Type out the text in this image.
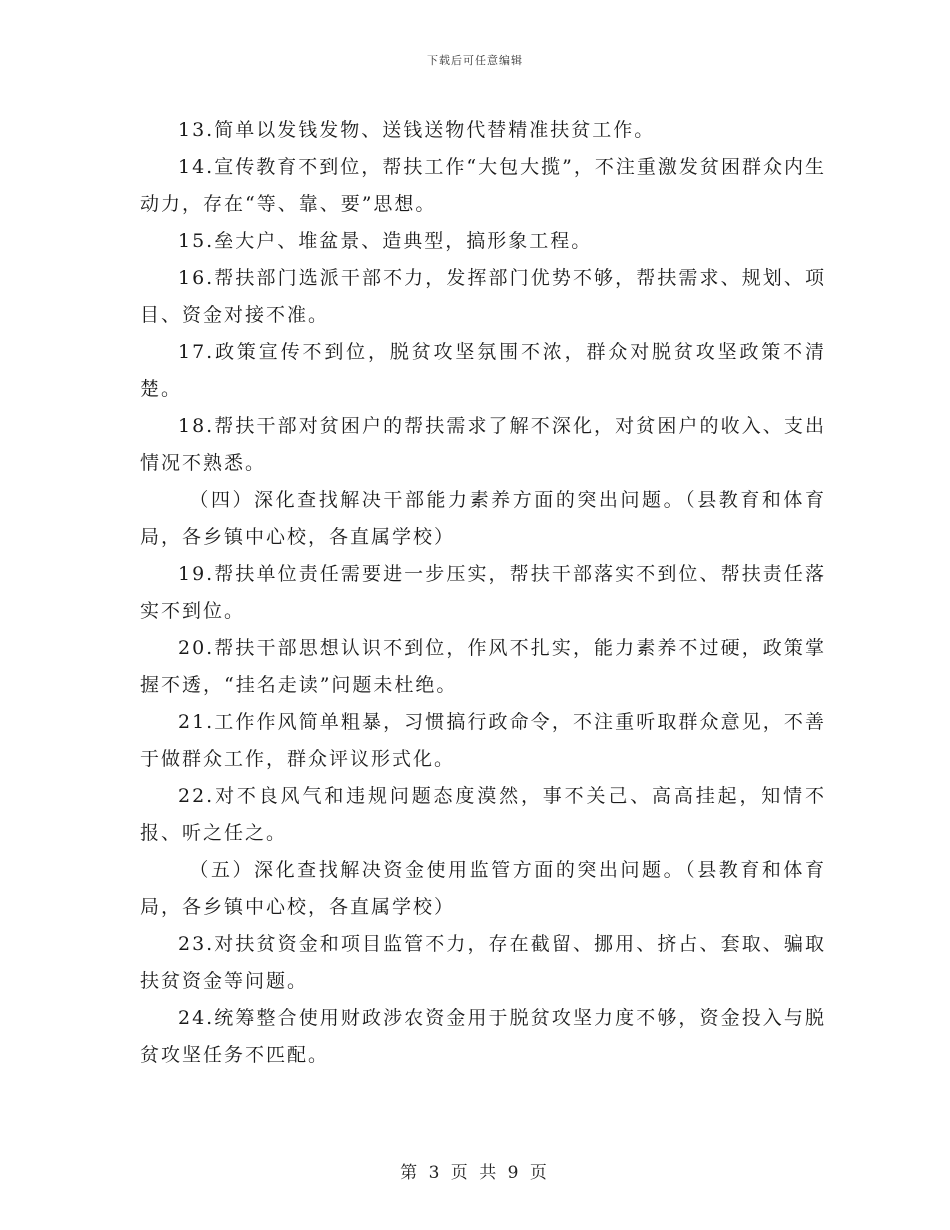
下载后可任意编辑

13.简单以发钱发物、送钱送物代替精准扶贫工作。

14.宣传教育不到位，帮扶工作“大包大揽”，不注重激发贫困群众内生动力，存在“等、靠、要”思想。

15.垒大户、堆盆景、造典型，搞形象工程。

16.帮扶部门选派干部不力，发挥部门优势不够，帮扶需求、规划、项目、资金对接不准。

17.政策宣传不到位，脱贫攻坚氛围不浓，群众对脱贫攻坚政策不清楚。

18.帮扶干部对贫困户的帮扶需求了解不深化，对贫困户的收入、支出情况不熟悉。

（四）深化查找解决干部能力素养方面的突出问题。（县教育和体育局，各乡镇中心校，各直属学校）

19.帮扶单位责任需要进一步压实，帮扶干部落实不到位、帮扶责任落实不到位。

20.帮扶干部思想认识不到位，作风不扎实，能力素养不过硬，政策掌握不透，“挂名走读”问题未杜绝。

21.工作作风简单粗暴，习惯搞行政命令，不注重听取群众意见，不善于做群众工作，群众评议形式化。

22.对不良风气和违规问题态度漠然，事不关己、高高挂起，知情不报、听之任之。

（五）深化查找解决资金使用监管方面的突出问题。（县教育和体育局，各乡镇中心校，各直属学校）

23.对扶贫资金和项目监管不力，存在截留、挪用、挤占、套取、骗取扶贫资金等问题。

24.统筹整合使用财政涉农资金用于脱贫攻坚力度不够，资金投入与脱贫攻坚任务不匹配。

第 3 页 共 9 页
